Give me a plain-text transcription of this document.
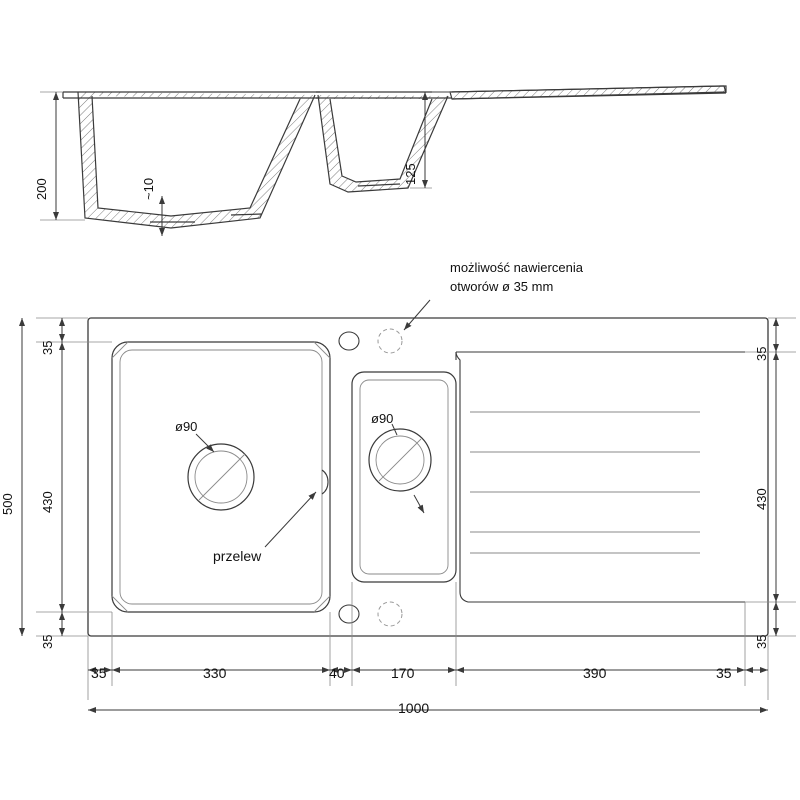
200	~10
125
możliwość nawiercenia
otworów ø 35 mm
ø90
ø90
przelew
35
430
35
500
35
430
35
35	330	40	170	390	35
1000
